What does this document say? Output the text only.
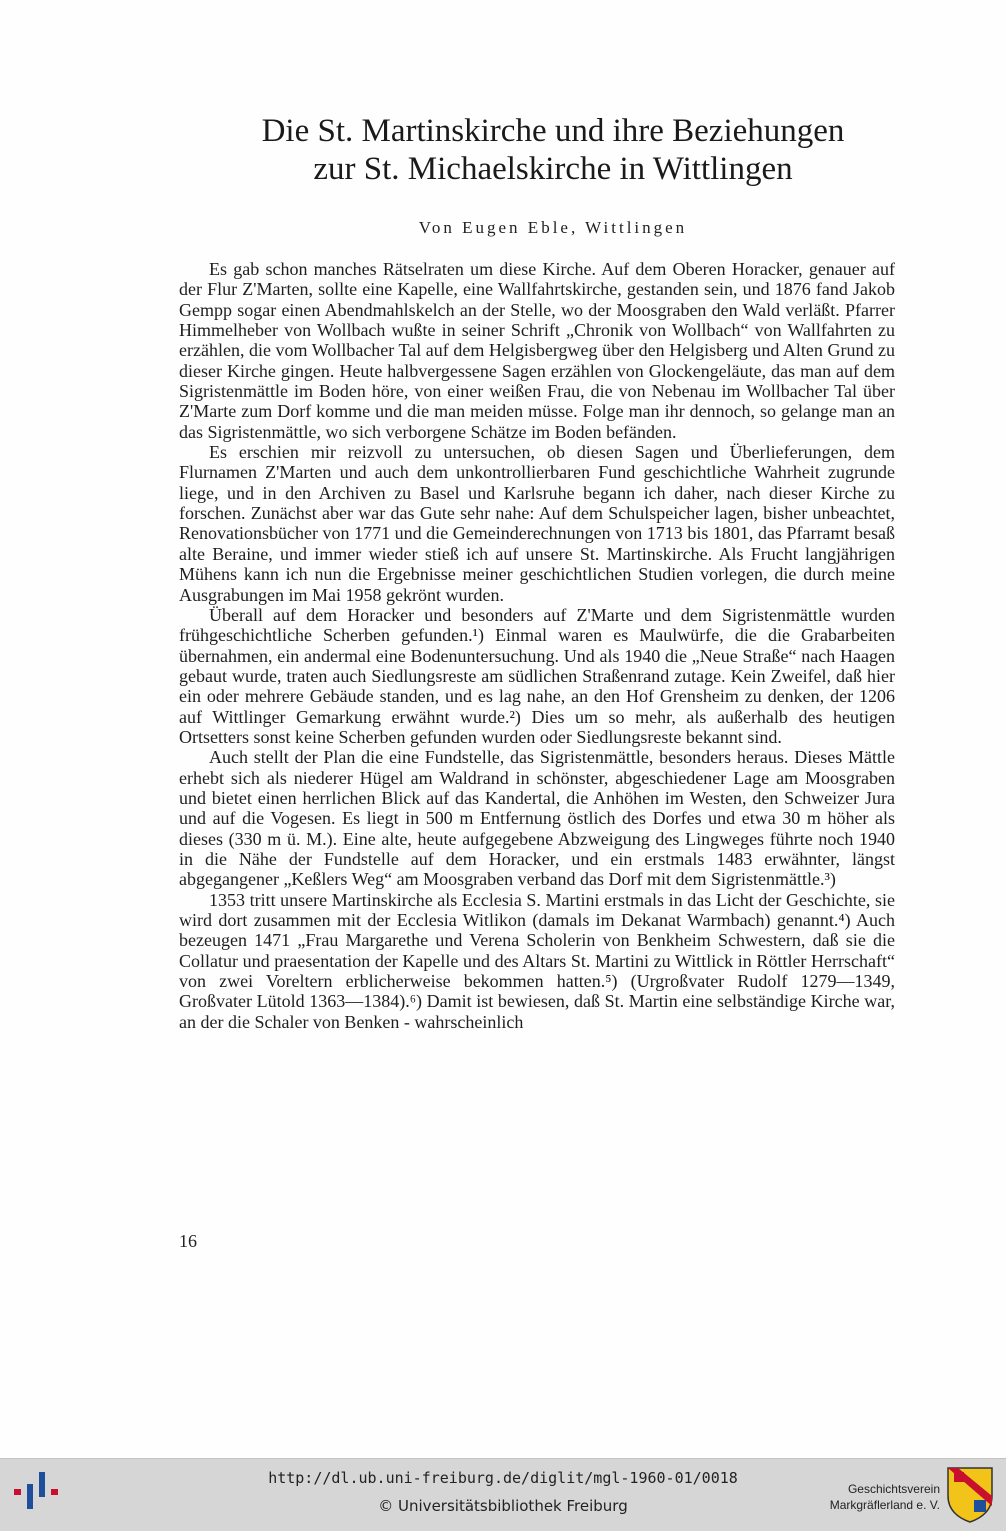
Die St. Martinskirche und ihre Beziehungen
zur St. Michaelskirche in Wittlingen
Von Eugen Eble, Wittlingen

Es gab schon manches Rätselraten um diese Kirche. Auf dem Oberen Horacker, genauer auf der Flur Z'Marten, sollte eine Kapelle, eine Wallfahrtskirche, gestanden sein, und 1876 fand Jakob Gempp sogar einen Abendmahlskelch an der Stelle, wo der Moosgraben den Wald verläßt. Pfarrer Himmelheber von Wollbach wußte in seiner Schrift „Chronik von Wollbach“ von Wallfahrten zu erzählen, die vom Wollbacher Tal auf dem Helgisbergweg über den Helgisberg und Alten Grund zu dieser Kirche gingen. Heute halbvergessene Sagen erzählen von Glockengeläute, das man auf dem Sigristenmättle im Boden höre, von einer weißen Frau, die von Nebenau im Wollbacher Tal über Z'Marte zum Dorf komme und die man meiden müsse. Folge man ihr dennoch, so gelange man an das Sigristenmättle, wo sich verborgene Schätze im Boden befänden.

Es erschien mir reizvoll zu untersuchen, ob diesen Sagen und Überlieferungen, dem Flurnamen Z'Marten und auch dem unkontrollierbaren Fund geschichtliche Wahrheit zugrunde liege, und in den Archiven zu Basel und Karlsruhe begann ich daher, nach dieser Kirche zu forschen. Zunächst aber war das Gute sehr nahe: Auf dem Schulspeicher lagen, bisher unbeachtet, Renovationsbücher von 1771 und die Gemeinderechnungen von 1713 bis 1801, das Pfarramt besaß alte Beraine, und immer wieder stieß ich auf unsere St. Martinskirche. Als Frucht langjährigen Mühens kann ich nun die Ergebnisse meiner geschichtlichen Studien vorlegen, die durch meine Ausgrabungen im Mai 1958 gekrönt wurden.

Überall auf dem Horacker und besonders auf Z'Marte und dem Sigristenmättle wurden frühgeschichtliche Scherben gefunden.¹) Einmal waren es Maulwürfe, die die Grabarbeiten übernahmen, ein andermal eine Bodenuntersuchung. Und als 1940 die „Neue Straße“ nach Haagen gebaut wurde, traten auch Siedlungsreste am südlichen Straßenrand zutage. Kein Zweifel, daß hier ein oder mehrere Gebäude standen, und es lag nahe, an den Hof Grensheim zu denken, der 1206 auf Wittlinger Gemarkung erwähnt wurde.²) Dies um so mehr, als außerhalb des heutigen Ortsetters sonst keine Scherben gefunden wurden oder Siedlungsreste bekannt sind.

Auch stellt der Plan die eine Fundstelle, das Sigristenmättle, besonders heraus. Dieses Mättle erhebt sich als niederer Hügel am Waldrand in schönster, abgeschiedener Lage am Moosgraben und bietet einen herrlichen Blick auf das Kandertal, die Anhöhen im Westen, den Schweizer Jura und auf die Vogesen. Es liegt in 500 m Entfernung östlich des Dorfes und etwa 30 m höher als dieses (330 m ü. M.). Eine alte, heute aufgegebene Abzweigung des Lingweges führte noch 1940 in die Nähe der Fundstelle auf dem Horacker, und ein erstmals 1483 erwähnter, längst abgegangener „Keßlers Weg“ am Moosgraben verband das Dorf mit dem Sigristenmättle.³)

1353 tritt unsere Martinskirche als Ecclesia S. Martini erstmals in das Licht der Geschichte, sie wird dort zusammen mit der Ecclesia Witlikon (damals im Dekanat Warmbach) genannt.⁴) Auch bezeugen 1471 „Frau Margarethe und Verena Scholerin von Benkheim Schwestern, daß sie die Collatur und praesentation der Kapelle und des Altars St. Martini zu Wittlick in Röttler Herrschaft“ von zwei Voreltern erblicherweise bekommen hatten.⁵) (Urgroßvater Rudolf 1279—1349, Großvater Lütold 1363—1384).⁶) Damit ist bewiesen, daß St. Martin eine selbständige Kirche war, an der die Schaler von Benken - wahrscheinlich

16
http://dl.ub.uni-freiburg.de/diglit/mgl-1960-01/0018
© Universitätsbibliothek Freiburg
Geschichtsverein
Markgräflerland e. V.
